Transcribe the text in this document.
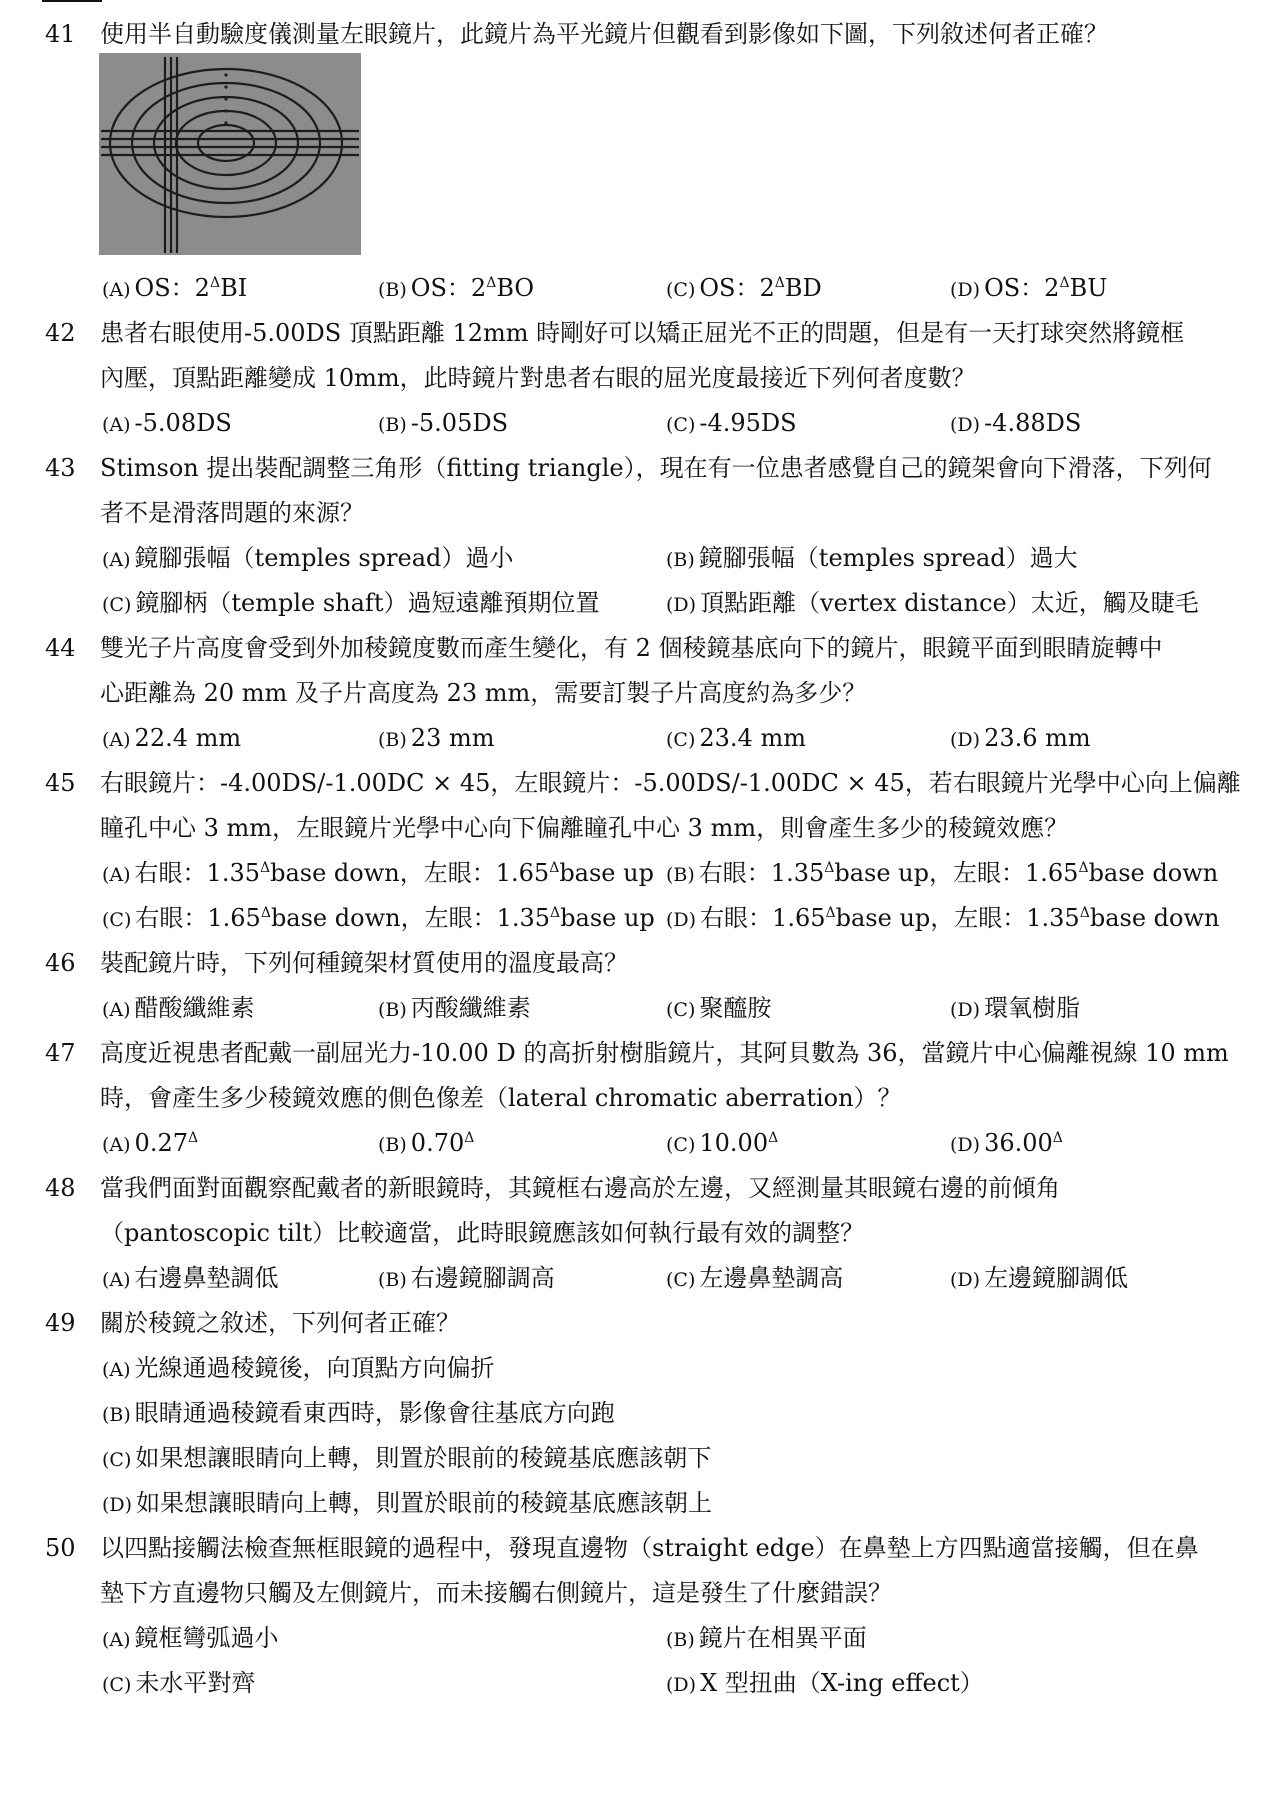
41	使用半自動驗度儀測量左眼鏡片，此鏡片為平光鏡片但觀看到影像如下圖，下列敘述何者正確？
(A) OS：$2^\Delta BI$	(B) OS：$2^\Delta BO$	(C) OS：$2^\Delta BD$	(D) OS：$2^\Delta BU$
42	患者右眼使用-5.00DS 頂點距離 12mm 時剛好可以矯正屈光不正的問題，但是有一天打球突然將鏡框
內壓，頂點距離變成 10mm，此時鏡片對患者右眼的屈光度最接近下列何者度數？
(A) -5.08DS	(B) -5.05DS	(C) -4.95DS	(D) -4.88DS
43	Stimson 提出裝配調整三角形（fitting triangle），現在有一位患者感覺自己的鏡架會向下滑落，下列何
者不是滑落問題的來源？
(A) 鏡腳張幅（temples spread）過小	(B) 鏡腳張幅（temples spread）過大
(C) 鏡腳柄（temple shaft）過短遠離預期位置	(D) 頂點距離（vertex distance）太近，觸及睫毛
44	雙光子片高度會受到外加稜鏡度數而產生變化，有 2 個稜鏡基底向下的鏡片，眼鏡平面到眼睛旋轉中
心距離為 20 mm 及子片高度為 23 mm，需要訂製子片高度約為多少？
(A) 22.4 mm	(B) 23 mm	(C) 23.4 mm	(D) 23.6 mm
45	右眼鏡片：-4.00DS/-1.00DC × 45，左眼鏡片：-5.00DS/-1.00DC × 45，若右眼鏡片光學中心向上偏離
瞳孔中心 3 mm，左眼鏡片光學中心向下偏離瞳孔中心 3 mm，則會產生多少的稜鏡效應？
(A) 右眼：$1.35^\Delta base$ down，左眼：$1.65^\Delta base$ up (B) 右眼：$1.35^\Delta base$ up，左眼：$1.65^\Delta base$ down
(C) 右眼：$1.65^\Delta base$ down，左眼：$1.35^\Delta base$ up (D) 右眼：$1.65^\Delta base$ up，左眼：$1.35^\Delta base$ down
46	裝配鏡片時，下列何種鏡架材質使用的溫度最高？
(A) 醋酸纖維素	(B) 丙酸纖維素	(C) 聚醯胺	(D) 環氧樹脂
47	高度近視患者配戴一副屈光力-10.00 D 的高折射樹脂鏡片，其阿貝數為 36，當鏡片中心偏離視線 10 mm
時，會產生多少稜鏡效應的側色像差（lateral chromatic aberration）？
(A) $0.27^\Delta$	(B) $0.70^\Delta$	(C) $10.00^\Delta$	(D) $36.00^\Delta$
48	當我們面對面觀察配戴者的新眼鏡時，其鏡框右邊高於左邊，又經測量其眼鏡右邊的前傾角
（pantoscopic tilt）比較適當，此時眼鏡應該如何執行最有效的調整？
(A) 右邊鼻墊調低	(B) 右邊鏡腳調高	(C) 左邊鼻墊調高	(D) 左邊鏡腳調低
49	關於稜鏡之敘述，下列何者正確？
(A) 光線通過稜鏡後，向頂點方向偏折
(B) 眼睛通過稜鏡看東西時，影像會往基底方向跑
(C) 如果想讓眼睛向上轉，則置於眼前的稜鏡基底應該朝下
(D) 如果想讓眼睛向上轉，則置於眼前的稜鏡基底應該朝上
50	以四點接觸法檢查無框眼鏡的過程中，發現直邊物（straight edge）在鼻墊上方四點適當接觸，但在鼻
墊下方直邊物只觸及左側鏡片，而未接觸右側鏡片，這是發生了什麼錯誤？
(A) 鏡框彎弧過小	(B) 鏡片在相異平面
(C) 未水平對齊	(D) X 型扭曲（X-ing effect）
